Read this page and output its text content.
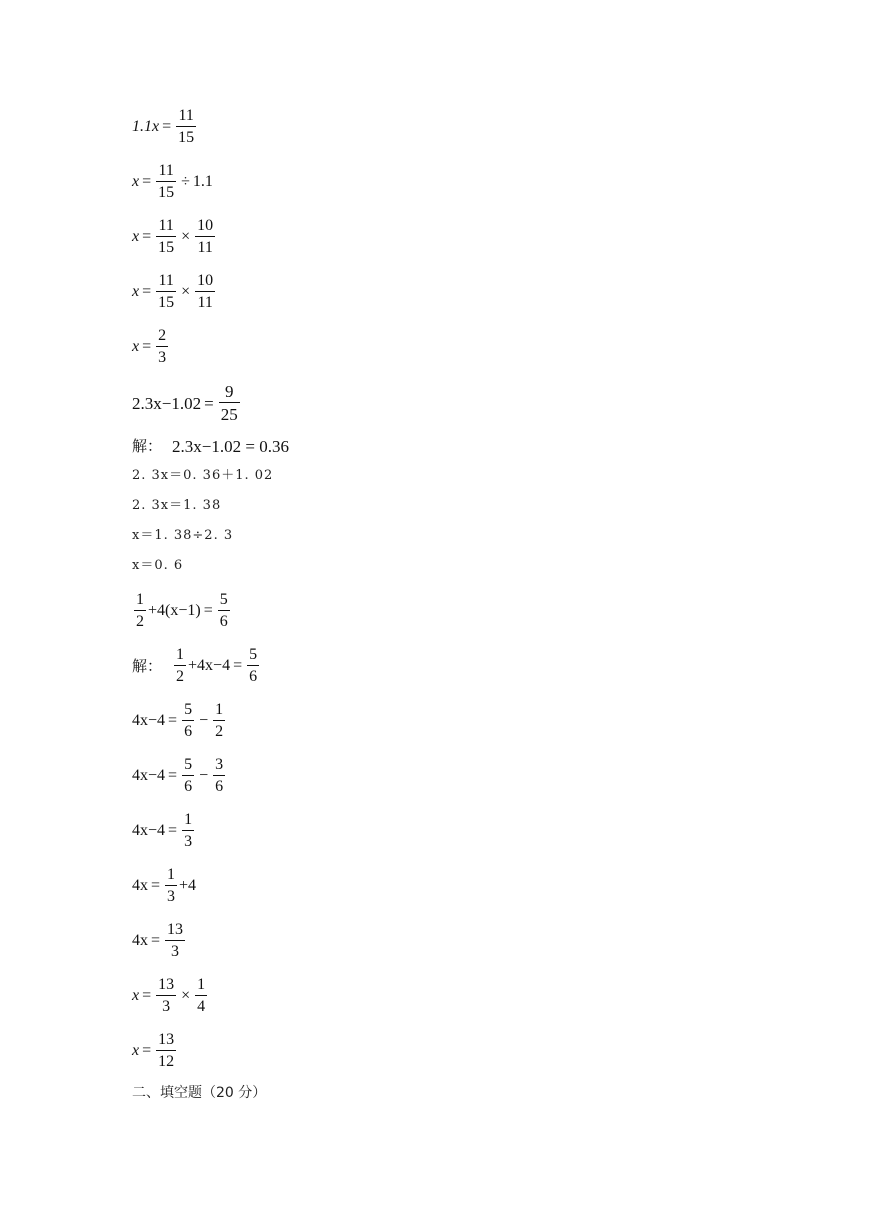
$1.1x = \frac{11}{15}$
$x = \frac{11}{15} \div 1.1$
$x = \frac{11}{15} \times \frac{10}{11}$
$x = \frac{11}{15} \times \frac{10}{11}$
$x = \frac{2}{3}$
$2.3x-1.02 = \frac{9}{25}$
解： 2.3x−1.02 = 0.36
2. 3x＝0. 36＋1. 02
2. 3x＝1. 38
x＝1. 38÷2. 3
x＝0. 6
$\frac{1}{2} +4(x-1) = \frac{5}{6}$
解： $\frac{1}{2} +4x-4 = \frac{5}{6}$
$4x-4 = \frac{5}{6} - \frac{1}{2}$
$4x-4 = \frac{5}{6} - \frac{3}{6}$
$4x-4 = \frac{1}{3}$
$4x = \frac{1}{3} +4$
$4x = \frac{13}{3}$
$x = \frac{13}{3} \times \frac{1}{4}$
$x = \frac{13}{12}$
二、填空题（20 分）
